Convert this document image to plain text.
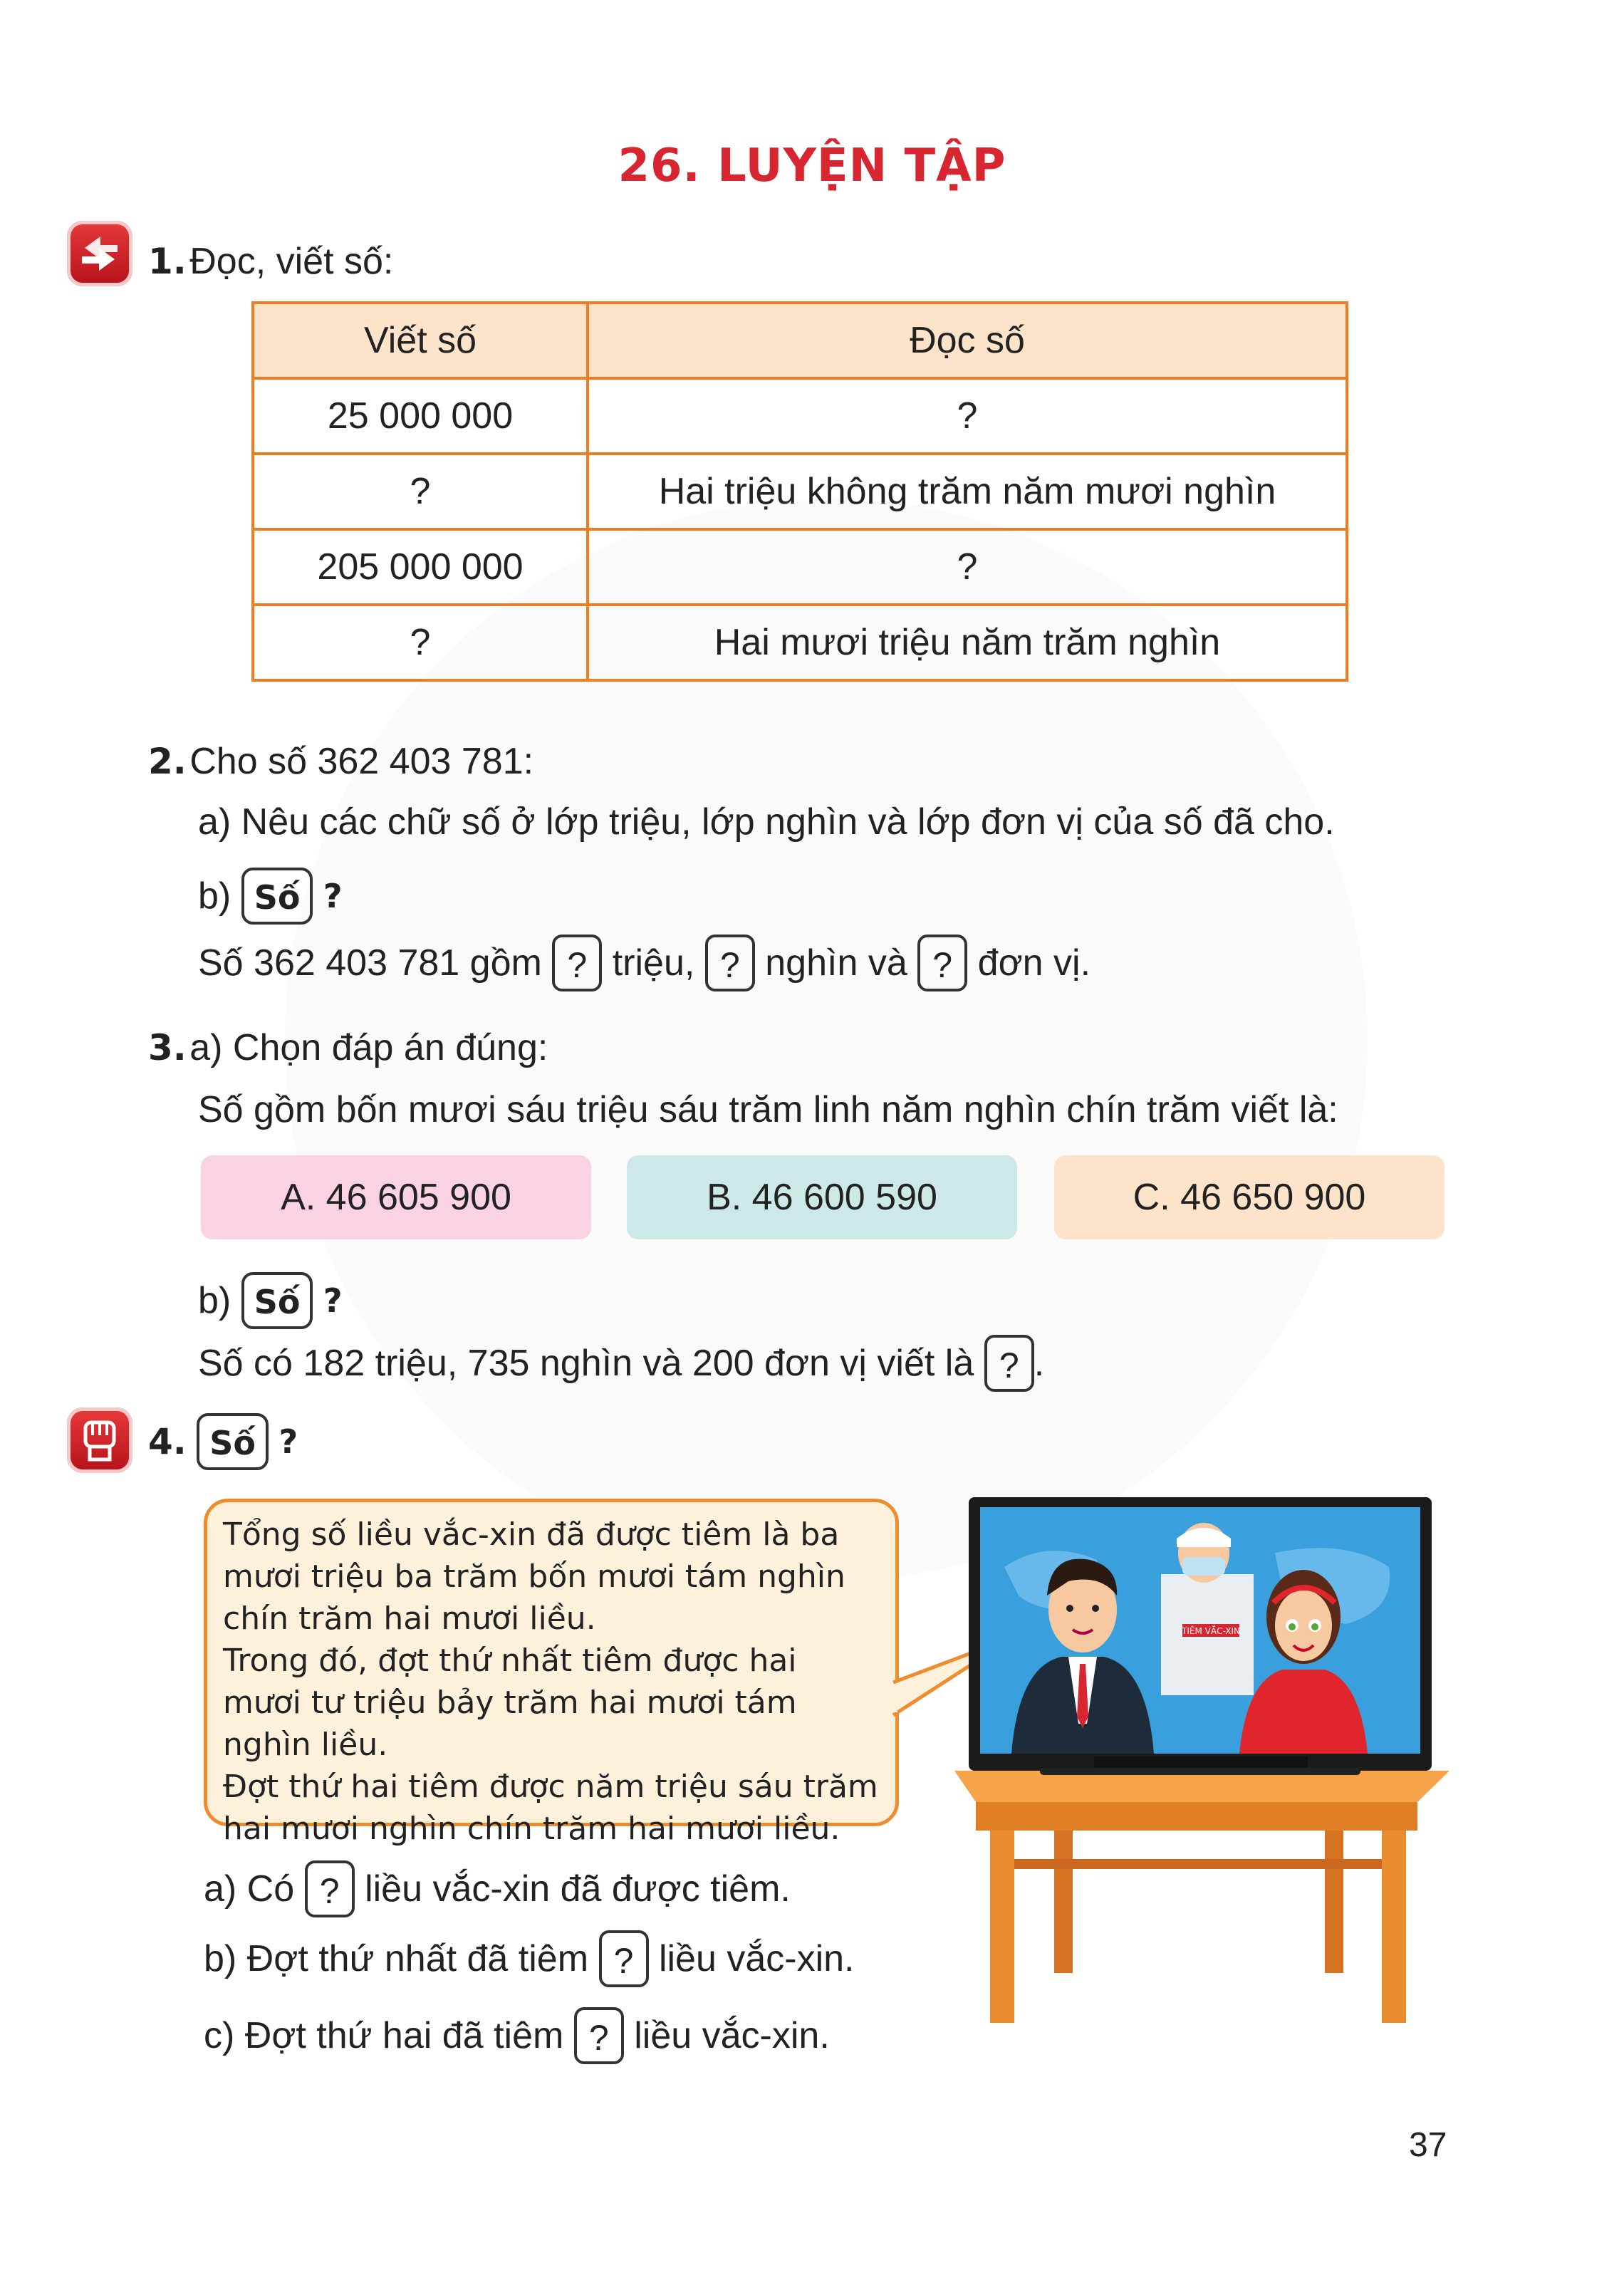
26. LUYỆN TẬP
1. Đọc, viết số:
Viết số	Đọc số
25 000 000	?
?	Hai triệu không trăm năm mươi nghìn
205 000 000	?
?	Hai mươi triệu năm trăm nghìn
2. Cho số 362 403 781:
a) Nêu các chữ số ở lớp triệu, lớp nghìn và lớp đơn vị của số đã cho.
b) Số ?
Số 362 403 781 gồm ? triệu, ? nghìn và ? đơn vị.
3. a) Chọn đáp án đúng:
Số gồm bốn mươi sáu triệu sáu trăm linh năm nghìn chín trăm viết là:
A. 46 605 900	B. 46 600 590	C. 46 650 900
b) Số ?
Số có 182 triệu, 735 nghìn và 200 đơn vị viết là ? .
4. Số ?

Tổng số liều vắc-xin đã được tiêm là ba mươi triệu ba trăm bốn mươi tám nghìn chín trăm hai mươi liều.

Trong đó, đợt thứ nhất tiêm được hai mươi tư triệu bảy trăm hai mươi tám nghìn liều.

Đợt thứ hai tiêm được năm triệu sáu trăm hai mươi nghìn chín trăm hai mươi liều.

TIÊM VẮC-XIN
a) Có ? liều vắc-xin đã được tiêm.
b) Đợt thứ nhất đã tiêm ? liều vắc-xin.
c) Đợt thứ hai đã tiêm ? liều vắc-xin.
37
